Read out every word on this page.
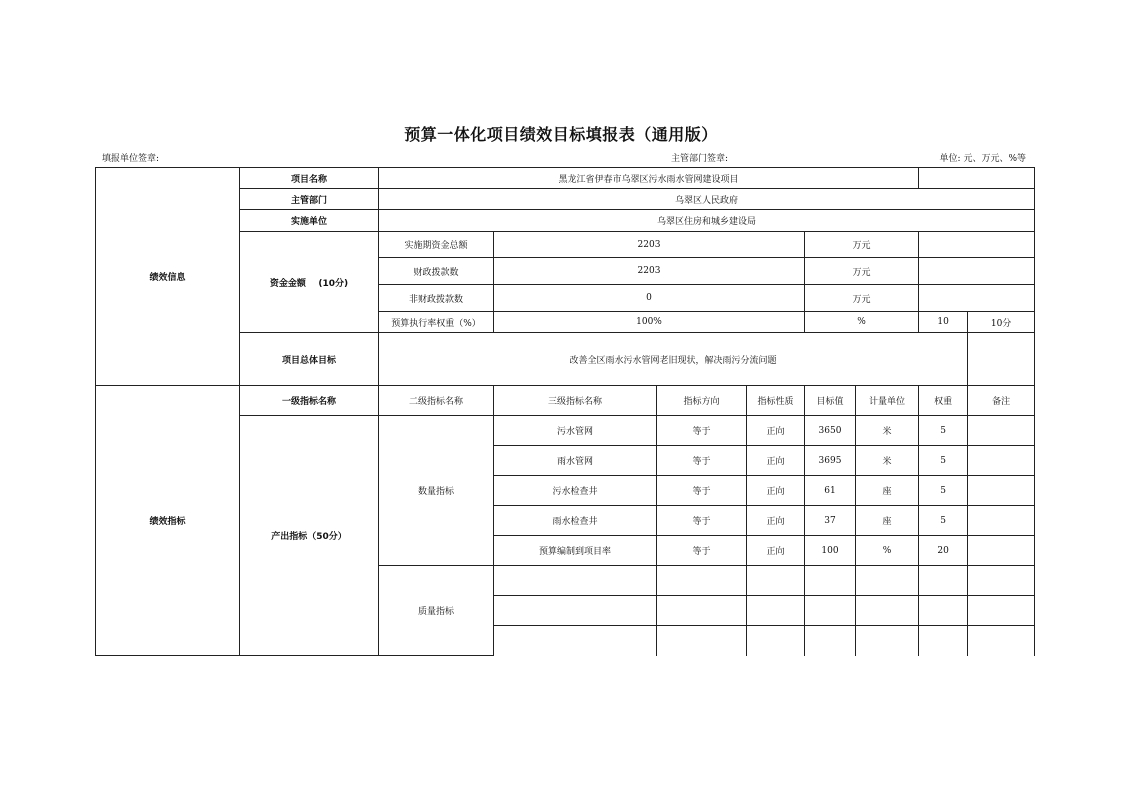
预算一体化项目绩效目标填报表（通用版）
填报单位签章:	主管部门签章:	单位: 元、万元、%等
绩效信息	项目名称	黑龙江省伊春市乌翠区污水雨水管网建设项目							
	主管部门	乌翠区人民政府							
	实施单位	乌翠区住房和城乡建设局							
	资金金额 (10分)	实施期资金总额	2203			万元			
		财政拨款数	2203			万元			
		非财政拨款数	0			万元			
		预算执行率权重（%）	100%			%		10	10分
	项目总体目标	改善全区雨水污水管网老旧现状，解决雨污分流问题							
绩效指标	一级指标名称	二级指标名称	三级指标名称	指标方向	指标性质	目标值	计量单位	权重	备注
	产出指标（50分）	数量指标	污水管网	等于	正向	3650	米	5	
			雨水管网	等于	正向	3695	米	5	
			污水检查井	等于	正向	61	座	5	
			雨水检查井	等于	正向	37	座	5	
			预算编制到项目率	等于	正向	100	%	20	
		质量指标							
